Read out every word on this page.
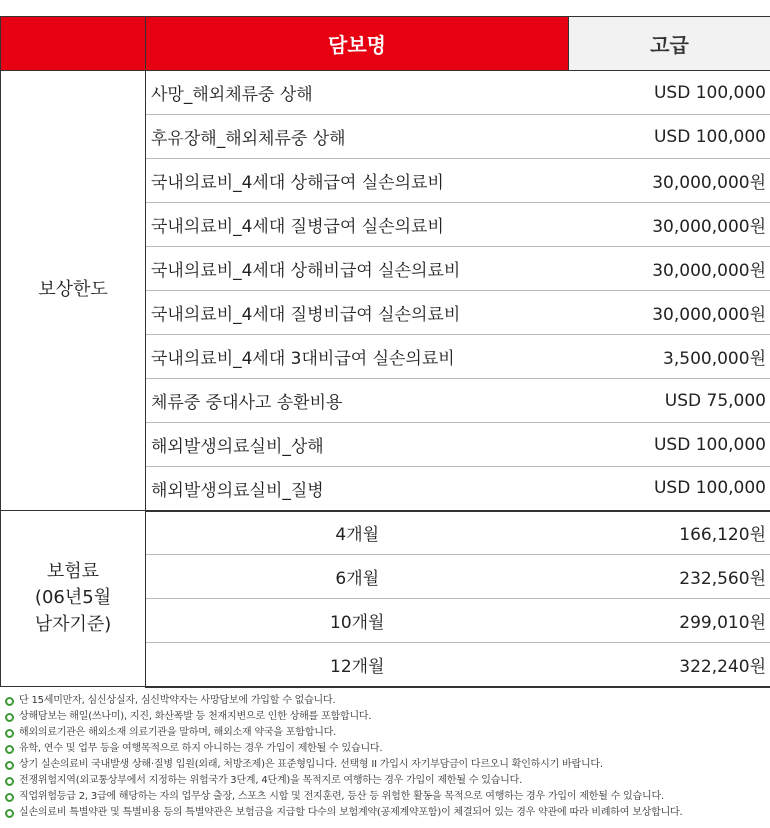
	담보명	고급
보상한도	사망_해외체류중 상해	USD 100,000
	후유장해_해외체류중 상해	USD 100,000
	국내의료비_4세대 상해급여 실손의료비	30,000,000원
	국내의료비_4세대 질병급여 실손의료비	30,000,000원
	국내의료비_4세대 상해비급여 실손의료비	30,000,000원
	국내의료비_4세대 질병비급여 실손의료비	30,000,000원
	국내의료비_4세대 3대비급여 실손의료비	3,500,000원
	체류중 중대사고 송환비용	USD 75,000
	해외발생의료실비_상해	USD 100,000
	해외발생의료실비_질병	USD 100,000

보험료
(06년5월
남자기준)	4개월	166,120원
	6개월	232,560원
	10개월	299,010원
	12개월	322,240원
단 15세미만자, 심신상실자, 심신박약자는 사망담보에 가입할 수 없습니다.
상해담보는 해일(쓰나미), 지진, 화산폭발 등 천재지변으로 인한 상해를 포함합니다.
해외의료기관은 해외소재 의료기관을 말하며, 해외소재 약국을 포함합니다.
유학, 연수 및 업무 등을 여행목적으로 하지 아니하는 경우 가입이 제한될 수 있습니다.
상기 실손의료비 국내발생 상해·질병 입원(외래, 처방조제)은 표준형입니다. 선택형 II 가입시 자기부담금이 다르오니 확인하시기 바랍니다.
전쟁위험지역(외교통상부에서 지정하는 위험국가 3단계, 4단계)을 목적지로 여행하는 경우 가입이 제한될 수 있습니다.
직업위험등급 2, 3급에 해당하는 자의 업무상 출장, 스포츠 시합 및 전지훈련, 등산 등 위험한 활동을 목적으로 여행하는 경우 가입이 제한될 수 있습니다.
실손의료비 특별약관 및 특별비용 등의 특별약관은 보험금을 지급할 다수의 보험계약(공제계약포함)이 체결되어 있는 경우 약관에 따라 비례하여 보상합니다.
